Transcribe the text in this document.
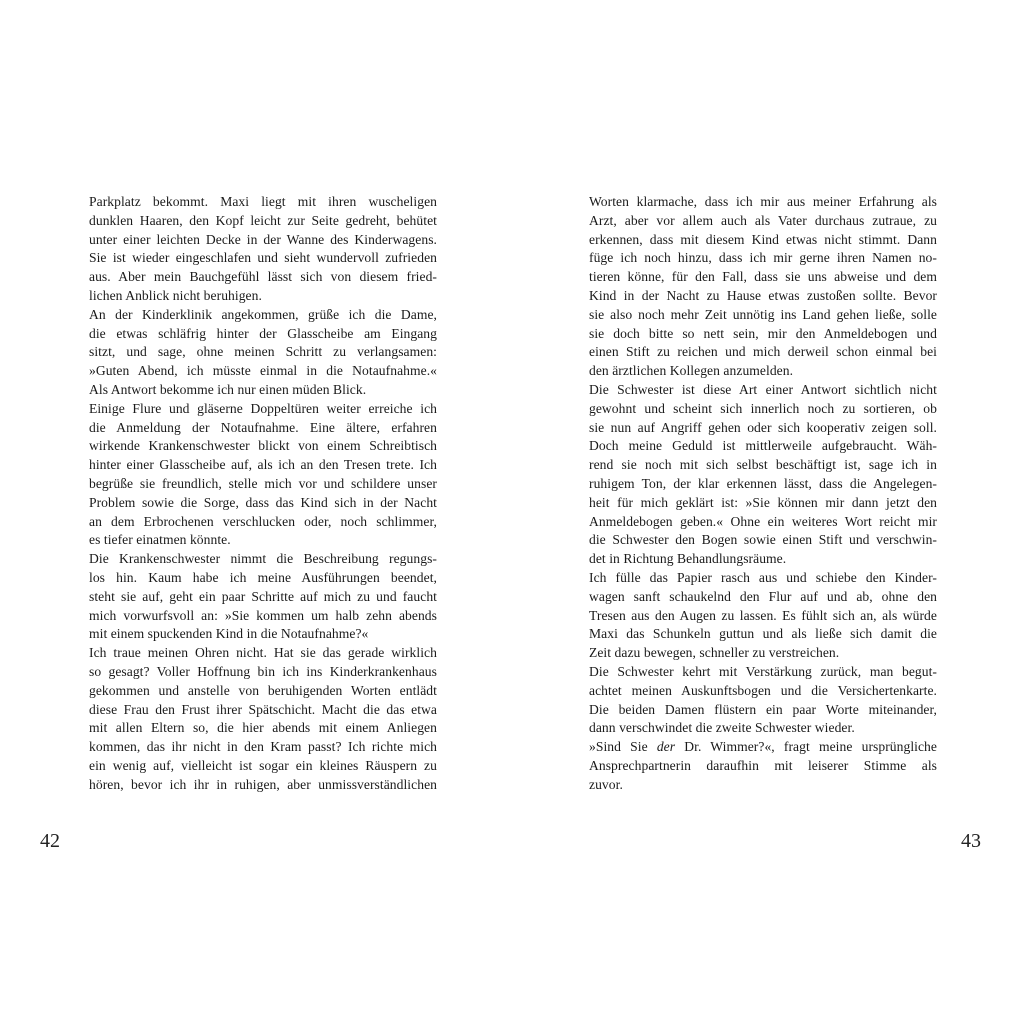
Parkplatz bekommt. Maxi liegt mit ihren wuscheligen
dunklen Haaren, den Kopf leicht zur Seite gedreht, behütet
unter einer leichten Decke in der Wanne des Kinderwagens.
Sie ist wieder eingeschlafen und sieht wundervoll zufrieden
aus. Aber mein Bauchgefühl lässt sich von diesem fried-
lichen Anblick nicht beruhigen.
An der Kinderklinik angekommen, grüße ich die Dame,
die etwas schläfrig hinter der Glasscheibe am Eingang
sitzt, und sage, ohne meinen Schritt zu verlangsamen:
»Guten Abend, ich müsste einmal in die Notaufnahme.«
Als Antwort bekomme ich nur einen müden Blick.
Einige Flure und gläserne Doppeltüren weiter erreiche ich
die Anmeldung der Notaufnahme. Eine ältere, erfahren
wirkende Krankenschwester blickt von einem Schreibtisch
hinter einer Glasscheibe auf, als ich an den Tresen trete. Ich
begrüße sie freundlich, stelle mich vor und schildere unser
Problem sowie die Sorge, dass das Kind sich in der Nacht
an dem Erbrochenen verschlucken oder, noch schlimmer,
es tiefer einatmen könnte.
Die Krankenschwester nimmt die Beschreibung regungs-
los hin. Kaum habe ich meine Ausführungen beendet,
steht sie auf, geht ein paar Schritte auf mich zu und faucht
mich vorwurfsvoll an: »Sie kommen um halb zehn abends
mit einem spuckenden Kind in die Notaufnahme?«
Ich traue meinen Ohren nicht. Hat sie das gerade wirklich
so gesagt? Voller Hoffnung bin ich ins Kinderkrankenhaus
gekommen und anstelle von beruhigenden Worten entlädt
diese Frau den Frust ihrer Spätschicht. Macht die das etwa
mit allen Eltern so, die hier abends mit einem Anliegen
kommen, das ihr nicht in den Kram passt? Ich richte mich
ein wenig auf, vielleicht ist sogar ein kleines Räuspern zu
hören, bevor ich ihr in ruhigen, aber unmissverständlichen
42
Worten klarmache, dass ich mir aus meiner Erfahrung als
Arzt, aber vor allem auch als Vater durchaus zutraue, zu
erkennen, dass mit diesem Kind etwas nicht stimmt. Dann
füge ich noch hinzu, dass ich mir gerne ihren Namen no-
tieren könne, für den Fall, dass sie uns abweise und dem
Kind in der Nacht zu Hause etwas zustoßen sollte. Bevor
sie also noch mehr Zeit unnötig ins Land gehen ließe, solle
sie doch bitte so nett sein, mir den Anmeldebogen und
einen Stift zu reichen und mich derweil schon einmal bei
den ärztlichen Kollegen anzumelden.
Die Schwester ist diese Art einer Antwort sichtlich nicht
gewohnt und scheint sich innerlich noch zu sortieren, ob
sie nun auf Angriff gehen oder sich kooperativ zeigen soll.
Doch meine Geduld ist mittlerweile aufgebraucht. Wäh-
rend sie noch mit sich selbst beschäftigt ist, sage ich in
ruhigem Ton, der klar erkennen lässt, dass die Angelegen-
heit für mich geklärt ist: »Sie können mir dann jetzt den
Anmeldebogen geben.« Ohne ein weiteres Wort reicht mir
die Schwester den Bogen sowie einen Stift und verschwin-
det in Richtung Behandlungsräume.
Ich fülle das Papier rasch aus und schiebe den Kinder-
wagen sanft schaukelnd den Flur auf und ab, ohne den
Tresen aus den Augen zu lassen. Es fühlt sich an, als würde
Maxi das Schunkeln guttun und als ließe sich damit die
Zeit dazu bewegen, schneller zu verstreichen.
Die Schwester kehrt mit Verstärkung zurück, man begut-
achtet meinen Auskunftsbogen und die Versichertenkarte.
Die beiden Damen flüstern ein paar Worte miteinander,
dann verschwindet die zweite Schwester wieder.
»Sind Sie der Dr. Wimmer?«, fragt meine ursprüngliche
Ansprechpartnerin daraufhin mit leiserer Stimme als
zuvor.
43
